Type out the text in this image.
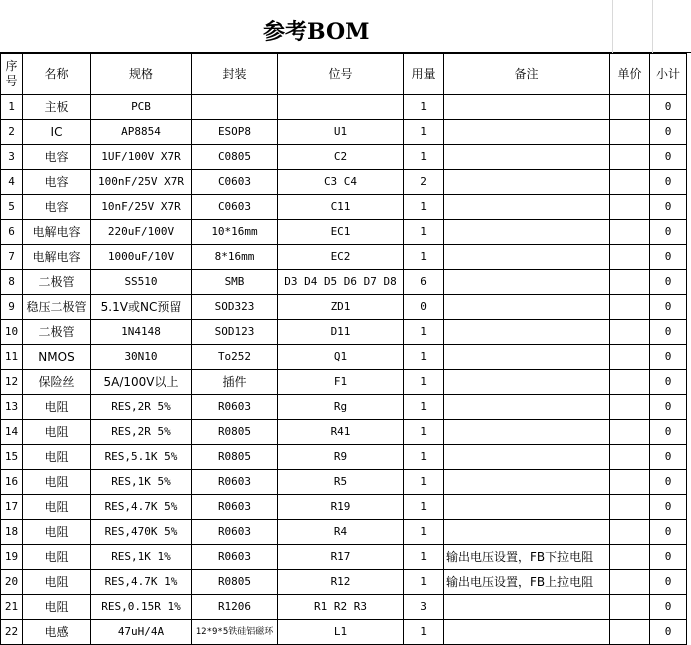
参考BOM
序
号	名称	规格	封装	位号	用量	备注	单价	小计
1	主板	PCB			1			0
2	IC	AP8854	ESOP8	U1	1			0
3	电容	1UF/100V X7R	C0805	C2	1			0
4	电容	100nF/25V X7R	C0603	C3 C4	2			0
5	电容	10nF/25V X7R	C0603	C11	1			0
6	电解电容	220uF/100V	10*16mm	EC1	1			0
7	电解电容	1000uF/10V	8*16mm	EC2	1			0
8	二极管	SS510	SMB	D3 D4 D5 D6 D7 D8	6			0
9	稳压二极管	5.1V或NC预留	SOD323	ZD1	0			0
10	二极管	1N4148	SOD123	D11	1			0
11	NMOS	30N10	To252	Q1	1			0
12	保险丝	5A/100V以上	插件	F1	1			0
13	电阻	RES,2R 5%	R0603	Rg	1			0
14	电阻	RES,2R 5%	R0805	R41	1			0
15	电阻	RES,5.1K 5%	R0805	R9	1			0
16	电阻	RES,1K 5%	R0603	R5	1			0
17	电阻	RES,4.7K 5%	R0603	R19	1			0
18	电阻	RES,470K 5%	R0603	R4	1			0
19	电阻	RES,1K 1%	R0603	R17	1	输出电压设置，FB下拉电阻		0
20	电阻	RES,4.7K 1%	R0805	R12	1	输出电压设置，FB上拉电阻		0
21	电阻	RES,0.15R 1%	R1206	R1 R2 R3	3			0
22	电感	47uH/4A	12*9*5铁硅铝磁环	L1	1			0
